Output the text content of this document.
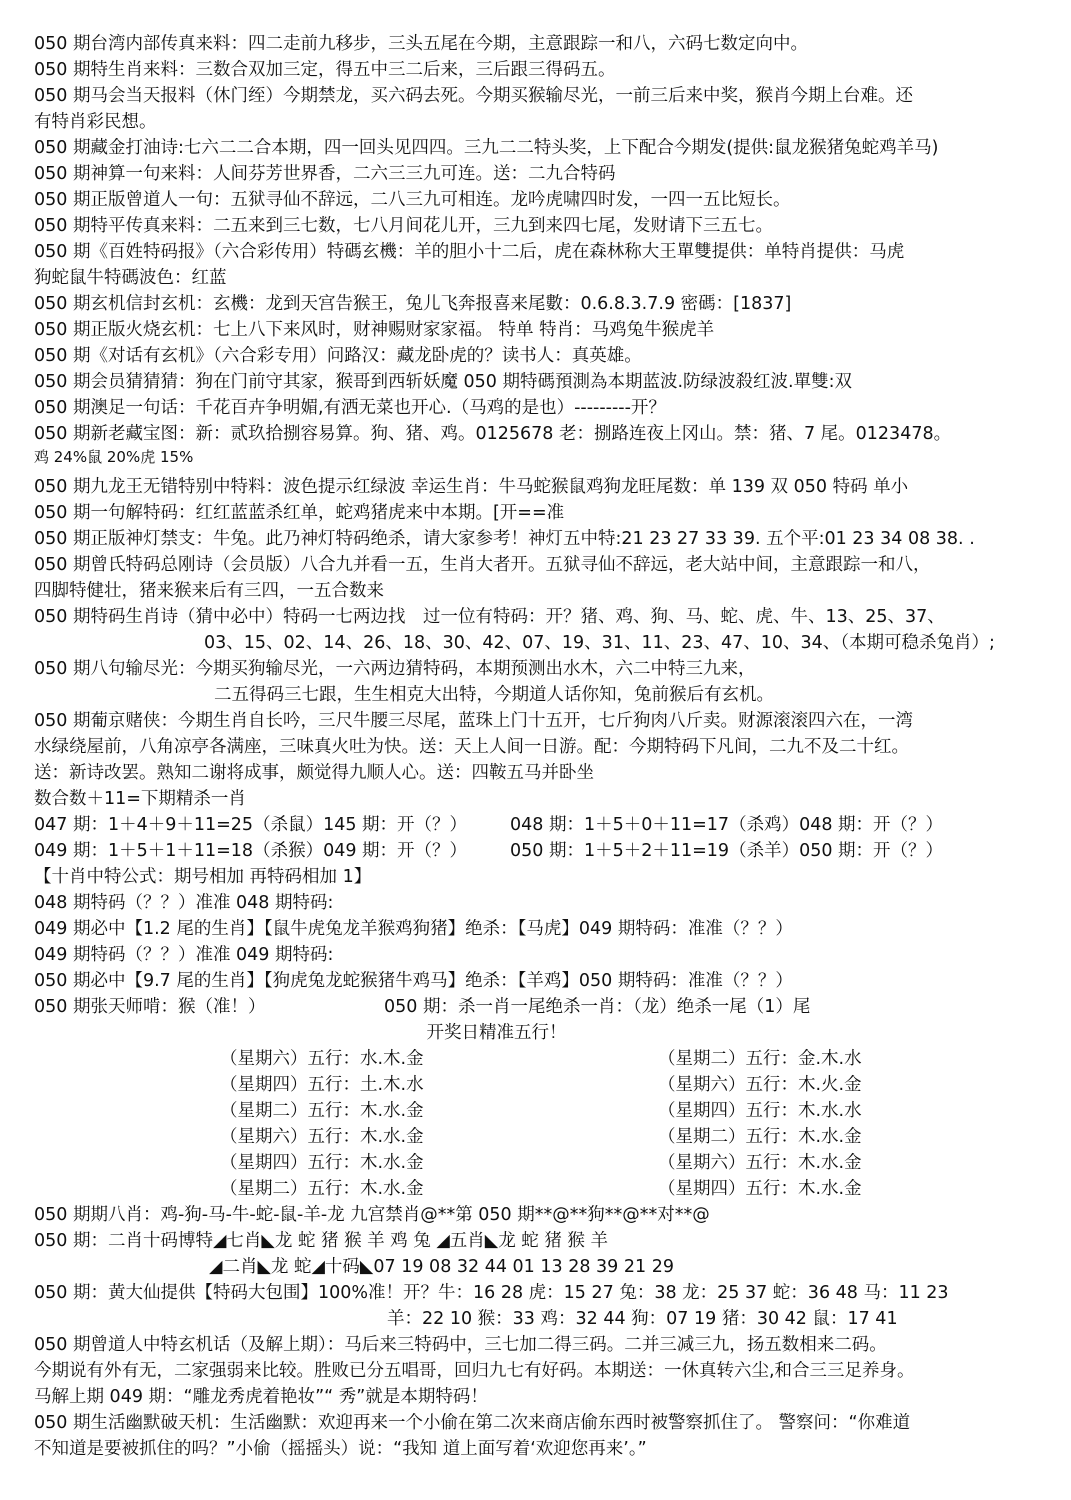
050 期台湾内部传真来料：四二走前九移步，三头五尾在今期，主意跟踪一和八，六码七数定向中。
050 期特生肖来料：三数合双加三定，得五中三二后来，三后跟三得码五。
050 期马会当天报料（休门绖）今期禁龙，买六码去死。今期买猴输尽光，一前三后来中奖，猴肖今期上台难。还
有特肖彩民想。
050 期藏金打油诗:七六二二合本期，四一回头见四四。三九二二特头奖，上下配合今期发(提供:鼠龙猴猪兔蛇鸡羊马)
050 期神算一句来料：人间芬芳世界香，二六三三九可连。送：二九合特码
050 期正版曾道人一句：五狱寻仙不辞远，二八三九可相连。龙吟虎啸四时发，一四一五比短长。
050 期特平传真来料：二五来到三七数，七八月间花儿开，三九到来四七尾，发财请下三五七。
050 期《百姓特码报》（六合彩传用）特碼玄機：羊的胆小十二后，虎在森林称大王單雙提供：单特肖提供：马虎
狗蛇鼠牛特碼波色：红蓝
050 期玄机信封玄机：玄機：龙到天宫告猴王，兔儿飞奔报喜来尾數：0.6.8.3.7.9 密碼：[1837]
050 期正版火烧玄机：七上八下来风时，财神赐财家家福。 特单 特肖：马鸡兔牛猴虎羊
050 期《对话有玄机》（六合彩专用）问路汉：藏龙卧虎的？读书人：真英雄。
050 期会员猜猜猜：狗在门前守其家，猴哥到西斩妖魔 050 期特碼預測為本期蓝波.防绿波殺红波.單雙:双
050 期澳足一句话：千花百卉争明媚,有洒无菜也开心.（马鸡的是也）---------开？
050 期新老藏宝图：新：贰玖拾捌容易算。狗、猪、鸡。0125678 老：捌路连夜上冈山。禁：猪、7 尾。0123478。
鸡 24%鼠 20%虎 15%
050 期九龙王无错特别中特料：波色提示红绿波 幸运生肖：牛马蛇猴鼠鸡狗龙旺尾数：单 139 双 050 特码 单小
050 期一句解特码：红红蓝蓝杀红单，蛇鸡猪虎来中本期。[开==准
050 期正版神灯禁支：牛兔。此乃神灯特码绝杀，请大家参考！神灯五中特:21 23 27 33 39. 五个平:01 23 34 08 38. .
050 期曾氏特码总刚诗（会员版）八合九并看一五，生肖大者开。五狱寻仙不辞远，老大站中间，主意跟踪一和八，
四脚特健壮，猪来猴来后有三四，一五合数来
050 期特码生肖诗（猜中必中）特码一七两边找　过一位有特码：开？猪、鸡、狗、马、蛇、虎、牛、13、25、37、
03、15、02、14、26、18、30、42、07、19、31、11、23、47、10、34、（本期可稳杀兔肖）;
050 期八句输尽光：今期买狗输尽光，一六两边猜特码，本期预测出水木，六二中特三九来，
二五得码三七跟，生生相克大出特，今期道人话你知，兔前猴后有玄机。
050 期葡京赌侠：今期生肖自长吟，三尺牛腰三尽尾，蓝珠上门十五开，七斤狗肉八斤卖。财源滚滚四六在，一湾
水绿绕屋前，八角凉亭各满座，三味真火吐为快。送：天上人间一日游。配：今期特码下凡间，二九不及二十红。
送：新诗改罢。熟知二谢将成事，颇觉得九顺人心。送：四鞍五马并卧坐
数合数＋11=下期精杀一肖
047 期：1＋4＋9＋11=25（杀鼠）145 期：开（？） 048 期：1＋5＋0＋11=17（杀鸡）048 期：开（？）
049 期：1＋5＋1＋11=18（杀猴）049 期：开（？） 050 期：1＋5＋2＋11=19（杀羊）050 期：开（？）
【十肖中特公式：期号相加 再特码相加 1】
048 期特码（？？）准准 048 期特码:
049 期必中【1.2 尾的生肖】【鼠牛虎兔龙羊猴鸡狗猪】绝杀：【马虎】049 期特码：准准（？？）
049 期特码（？？）准准 049 期特码:
050 期必中【9.7 尾的生肖】【狗虎兔龙蛇猴猪牛鸡马】绝杀：【羊鸡】050 期特码：准准（？？）
050 期张天师啃：猴（准！）	050 期：杀一肖一尾绝杀一肖：（龙）绝杀一尾（1）尾
开奖日精准五行！
（星期六）五行：水.木.金	（星期二）五行：金.木.水
（星期四）五行：土.木.水	（星期六）五行：木.火.金
（星期二）五行：木.水.金	（星期四）五行：木.水.水
（星期六）五行：木.水.金	（星期二）五行：木.水.金
（星期四）五行：木.水.金	（星期六）五行：木.水.金
（星期二）五行：木.水.金	（星期四）五行：木.水.金
050 期期八肖：鸡-狗-马-牛-蛇-鼠-羊-龙 九宫禁肖@**第 050 期**@**狗**@**对**@
050 期：二肖十码博特◢七肖◣龙 蛇 猪 猴 羊 鸡 兔 ◢五肖◣龙 蛇 猪 猴 羊
◢二肖◣龙 蛇◢十码◣07 19 08 32 44 01 13 28 39 21 29
050 期：黄大仙提供【特码大包围】100%准！开？牛：16 28 虎：15 27 兔：38 龙：25 37 蛇：36 48 马：11 23
羊：22 10 猴：33 鸡：32 44 狗：07 19 猪：30 42 鼠：17 41
050 期曾道人中特玄机话（及解上期）：马后来三特码中，三七加二得三码。二并三减三九，扬五数相来二码。
今期说有外有无，二家强弱来比较。胜败已分五唱哥，回归九七有好码。本期送：一休真转六尘,和合三三足养身。
马解上期 049 期：“雕龙秀虎着艳妆”“ 秀”就是本期特码！
050 期生活幽默破天机：生活幽默：欢迎再来一个小偷在第二次来商店偷东西时被警察抓住了。 警察问：“你难道
不知道是要被抓住的吗？”小偷（摇摇头）说：“我知 道上面写着‘欢迎您再来’。”
